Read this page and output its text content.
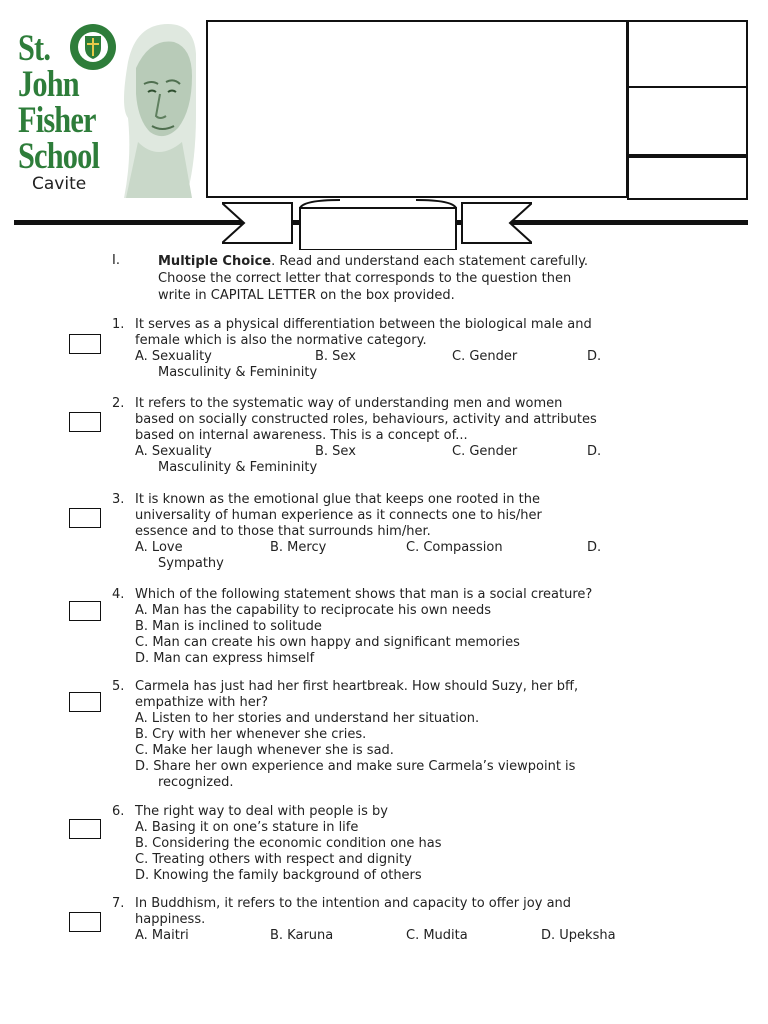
St.
John
Fisher
School
Cavite
I.	Multiple Choice. Read and understand each statement carefully.
Choose the correct letter that corresponds to the question then
write in CAPITAL LETTER on the box provided.
1. It serves as a physical differentiation between the biological male and
female which is also the normative category.
A. Sexuality	B. Sex	C. Gender	D.
Masculinity & Femininity
2. It refers to the systematic way of understanding men and women
based on socially constructed roles, behaviours, activity and attributes
based on internal awareness. This is a concept of...
A. Sexuality	B. Sex	C. Gender	D.
Masculinity & Femininity
3. It is known as the emotional glue that keeps one rooted in the
universality of human experience as it connects one to his/her
essence and to those that surrounds him/her.
A. Love	B. Mercy	C. Compassion	D.
Sympathy
4. Which of the following statement shows that man is a social creature?
A. Man has the capability to reciprocate his own needs
B. Man is inclined to solitude
C. Man can create his own happy and significant memories
D. Man can express himself
5. Carmela has just had her first heartbreak. How should Suzy, her bff,
empathize with her?
A. Listen to her stories and understand her situation.
B. Cry with her whenever she cries.
C. Make her laugh whenever she is sad.
D. Share her own experience and make sure Carmela’s viewpoint is
recognized.
6. The right way to deal with people is by
A. Basing it on one’s stature in life
B. Considering the economic condition one has
C. Treating others with respect and dignity
D. Knowing the family background of others
7. In Buddhism, it refers to the intention and capacity to offer joy and
happiness.
A. Maitri	B. Karuna	C. Mudita	D. Upeksha
